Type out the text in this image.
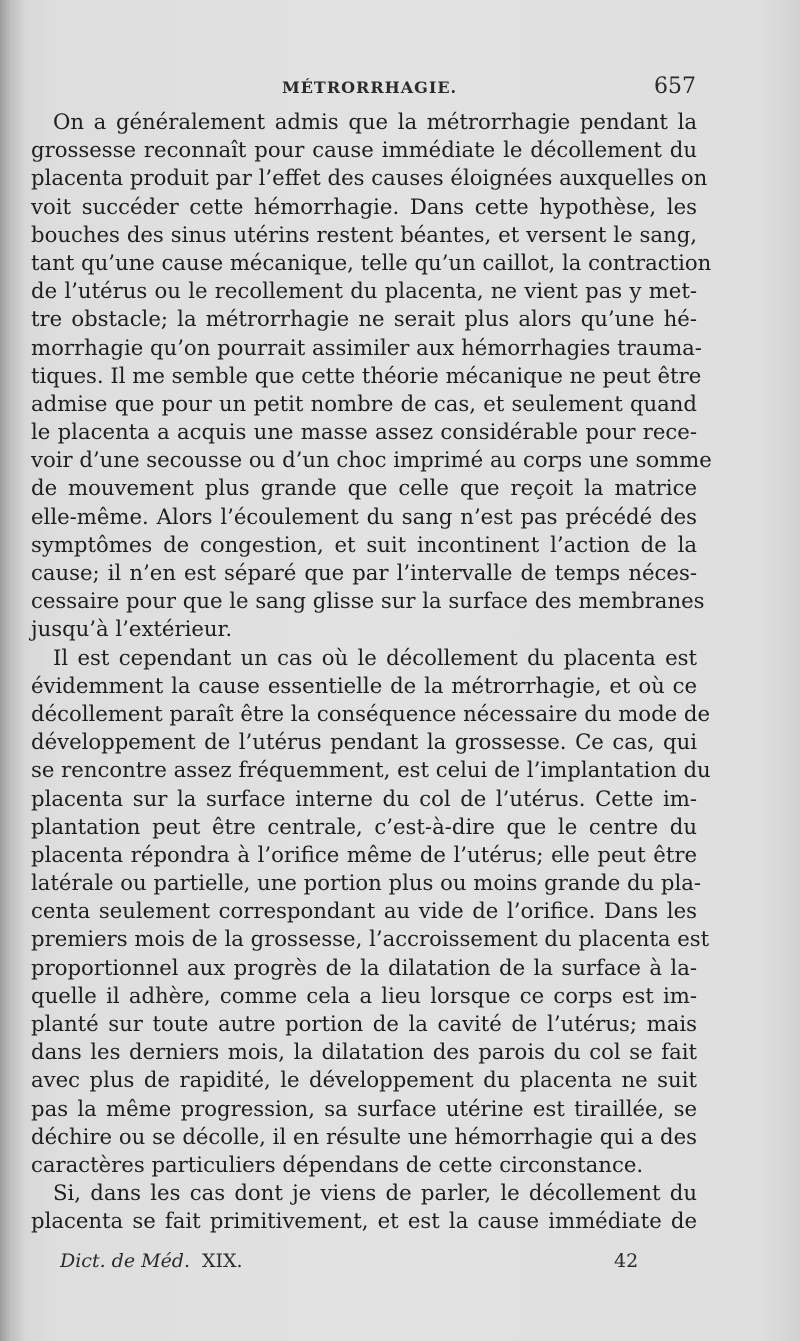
MÉTRORRHAGIE.	657
On a généralement admis que la métrorrhagie pendant la
grossesse reconnaît pour cause immédiate le décollement du
placenta produit par l’effet des causes éloignées auxquelles on
voit succéder cette hémorrhagie. Dans cette hypothèse, les
bouches des sinus utérins restent béantes, et versent le sang,
tant qu’une cause mécanique, telle qu’un caillot, la contraction
de l’utérus ou le recollement du placenta, ne vient pas y met-
tre obstacle; la métrorrhagie ne serait plus alors qu’une hé-
morrhagie qu’on pourrait assimiler aux hémorrhagies trauma-
tiques. Il me semble que cette théorie mécanique ne peut être
admise que pour un petit nombre de cas, et seulement quand
le placenta a acquis une masse assez considérable pour rece-
voir d’une secousse ou d’un choc imprimé au corps une somme
de mouvement plus grande que celle que reçoit la matrice
elle-même. Alors l’écoulement du sang n’est pas précédé des
symptômes de congestion, et suit incontinent l’action de la
cause; il n’en est séparé que par l’intervalle de temps néces-
cessaire pour que le sang glisse sur la surface des membranes
jusqu’à l’extérieur.
Il est cependant un cas où le décollement du placenta est
évidemment la cause essentielle de la métrorrhagie, et où ce
décollement paraît être la conséquence nécessaire du mode de
développement de l’utérus pendant la grossesse. Ce cas, qui
se rencontre assez fréquemment, est celui de l’implantation du
placenta sur la surface interne du col de l’utérus. Cette im-
plantation peut être centrale, c’est-à-dire que le centre du
placenta répondra à l’orifice même de l’utérus; elle peut être
latérale ou partielle, une portion plus ou moins grande du pla-
centa seulement correspondant au vide de l’orifice. Dans les
premiers mois de la grossesse, l’accroissement du placenta est
proportionnel aux progrès de la dilatation de la surface à la-
quelle il adhère, comme cela a lieu lorsque ce corps est im-
planté sur toute autre portion de la cavité de l’utérus; mais
dans les derniers mois, la dilatation des parois du col se fait
avec plus de rapidité, le développement du placenta ne suit
pas la même progression, sa surface utérine est tiraillée, se
déchire ou se décolle, il en résulte une hémorrhagie qui a des
caractères particuliers dépendans de cette circonstance.
Si, dans les cas dont je viens de parler, le décollement du
placenta se fait primitivement, et est la cause immédiate de
Dict. de Méd. XIX.	42
